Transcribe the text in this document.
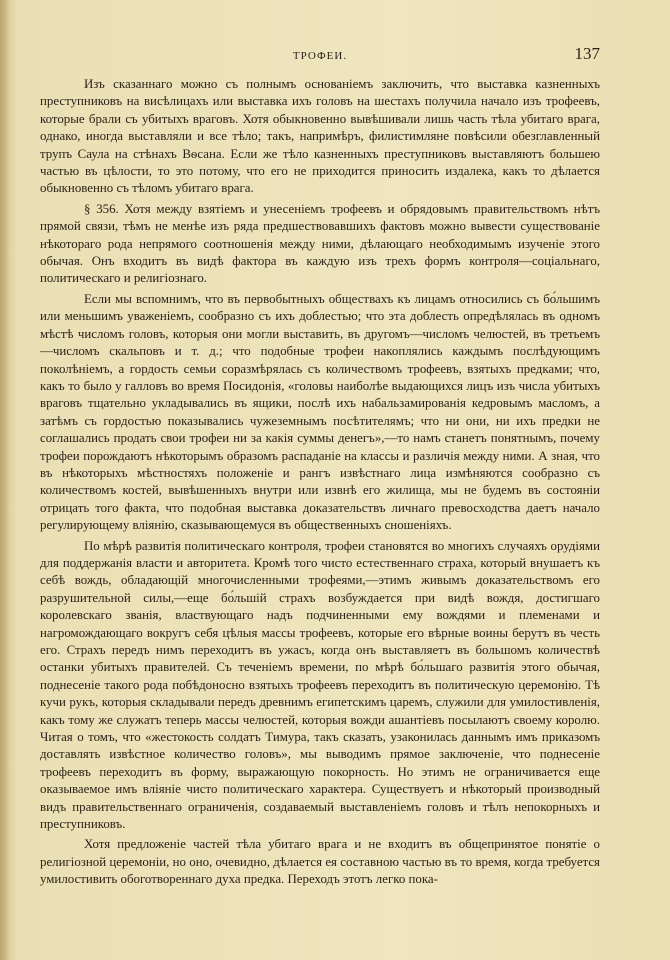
ТРОФЕИ.	137

Изъ сказаннаго можно съ полнымъ основанiемъ заключить, что выставка казненныхъ преступниковъ на висѣлицахъ или выставка ихъ головъ на шестахъ получила начало изъ трофеевъ, которые брали съ убитыхъ враговъ. Хотя обыкновенно вывѣшивали лишь часть тѣла убитаго врага, однако, иногда выставляли и все тѣло; такъ, напримѣръ, филистимляне повѣсили обезглавленный трупъ Саула на стѣнахъ Вѳсана. Если же тѣло казненныхъ преступниковъ выставляютъ большею частью въ цѣлости, то это потому, что его не приходится приносить издалека, какъ то дѣлается обыкновенно съ тѣломъ убитаго врага.

§ 356. Хотя между взятiемъ и унесенiемъ трофеевъ и обрядовымъ правительствомъ нѣтъ прямой связи, тѣмъ не менѣе изъ ряда предшествовавшихъ фактовъ можно вывести существованiе нѣкотораго рода непрямого соотношенiя между ними, дѣлающаго необходимымъ изученiе этого обычая. Онъ входитъ въ видѣ фактора въ каждую изъ трехъ формъ контроля—соцiальнаго, политическаго и религiознаго.

Если мы вспомнимъ, что въ первобытныхъ обществахъ къ лицамъ относились съ бо́льшимъ или меньшимъ уваженiемъ, сообразно съ ихъ доблестью; что эта доблесть опредѣлялась въ одномъ мѣстѣ числомъ головъ, которыя они могли выставить, въ другомъ—числомъ челюстей, въ третьемъ—числомъ скальповъ и т. д.; что подобные трофеи накоплялись каждымъ послѣдующимъ поколѣнiемъ, а гордость семьи соразмѣрялась съ количествомъ трофеевъ, взятыхъ предками; что, какъ то было у галловъ во время Посидонiя, «головы наиболѣе выдающихся лицъ изъ числа убитыхъ враговъ тщательно укладывались въ ящики, послѣ ихъ набальзамированiя кедровымъ масломъ, а затѣмъ съ гордостью показывались чужеземнымъ посѣтителямъ; что ни они, ни ихъ предки не соглашались продать свои трофеи ни за какiя суммы денегъ»,—то намъ станетъ понятнымъ, почему трофеи порождаютъ нѣкоторымъ образомъ распаданiе на классы и различiя между ними. А зная, что въ нѣкоторыхъ мѣстностяхъ положенiе и рангъ извѣстнаго лица измѣняются сообразно съ количествомъ костей, вывѣшенныхъ внутри или извнѣ его жилища, мы не будемъ въ состоянiи отрицать того факта, что подобная выставка доказательствъ личнаго превосходства даетъ начало регулирующему влiянiю, сказывающемуся въ общественныхъ сношенiяхъ.

По мѣрѣ развитiя политическаго контроля, трофеи становятся во многихъ случаяхъ орудiями для поддержанiя власти и авторитета. Кромѣ того чисто естественнаго страха, который внушаетъ къ себѣ вождь, обладающiй многочисленными трофеями,—этимъ живымъ доказательствомъ его разрушительной силы,—еще бо́льшiй страхъ возбуждается при видѣ вождя, достигшаго королевскаго званiя, властвующаго надъ подчиненными ему вождями и племенами и нагромождающаго вокругъ себя цѣлыя массы трофеевъ, которые его вѣрные воины берутъ въ честь его. Страхъ передъ нимъ переходитъ въ ужасъ, когда онъ выставляетъ въ большомъ количествѣ останки убитыхъ правителей. Съ теченiемъ времени, по мѣрѣ бо́льшаго развитiя этого обычая, поднесенiе такого рода побѣдоносно взятыхъ трофеевъ переходитъ въ политическую церемонiю. Тѣ кучи рукъ, которыя складывали передъ древнимъ египетскимъ царемъ, служили для умилостивленiя, какъ тому же служатъ теперь массы челюстей, которыя вожди ашантiевъ посылаютъ своему королю. Читая о томъ, что «жестокость солдатъ Тимура, такъ сказать, узаконилась даннымъ имъ приказомъ доставлять извѣстное количество головъ», мы выводимъ прямое заключенiе, что поднесенiе трофеевъ переходитъ въ форму, выражающую покорность. Но этимъ не ограничивается еще оказываемое имъ влiянiе чисто политическаго характера. Существуетъ и нѣкоторый производный видъ правительственнаго ограниченiя, создаваемый выставленiемъ головъ и тѣлъ непокорныхъ и преступниковъ.

Хотя предложенiе частей тѣла убитаго врага и не входитъ въ общепринятое понятiе о религiозной церемонiи, но оно, очевидно, дѣлается ея составною частью въ то время, когда требуется умилостивить обоготвореннаго духа предка. Переходъ этотъ легко пока-
